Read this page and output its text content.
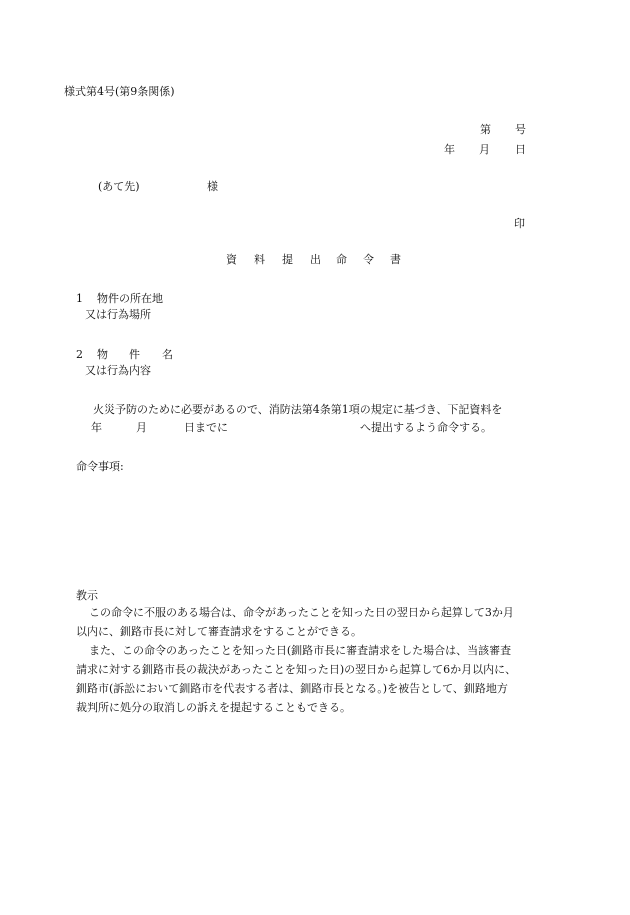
様式第4号(第9条関係)
第 号
年 月 日
(あて先)	様
印
資 料 提 出 命 令 書
1 物件の所在地
又は行為場所
2 物 件 名
又は行為内容
火災予防のために必要があるので、消防法第4条第1項の規定に基づき、下記資料を
年	月	日までに	へ提出するよう命令する。
命令事項:
教示
この命令に不服のある場合は、命令があったことを知った日の翌日から起算して3か月
以内に、釧路市長に対して審査請求をすることができる。
また、この命令のあったことを知った日(釧路市長に審査請求をした場合は、当該審査
請求に対する釧路市長の裁決があったことを知った日)の翌日から起算して6か月以内に、
釧路市(訴訟において釧路市を代表する者は、釧路市長となる。)を被告として、釧路地方
裁判所に処分の取消しの訴えを提起することもできる。
